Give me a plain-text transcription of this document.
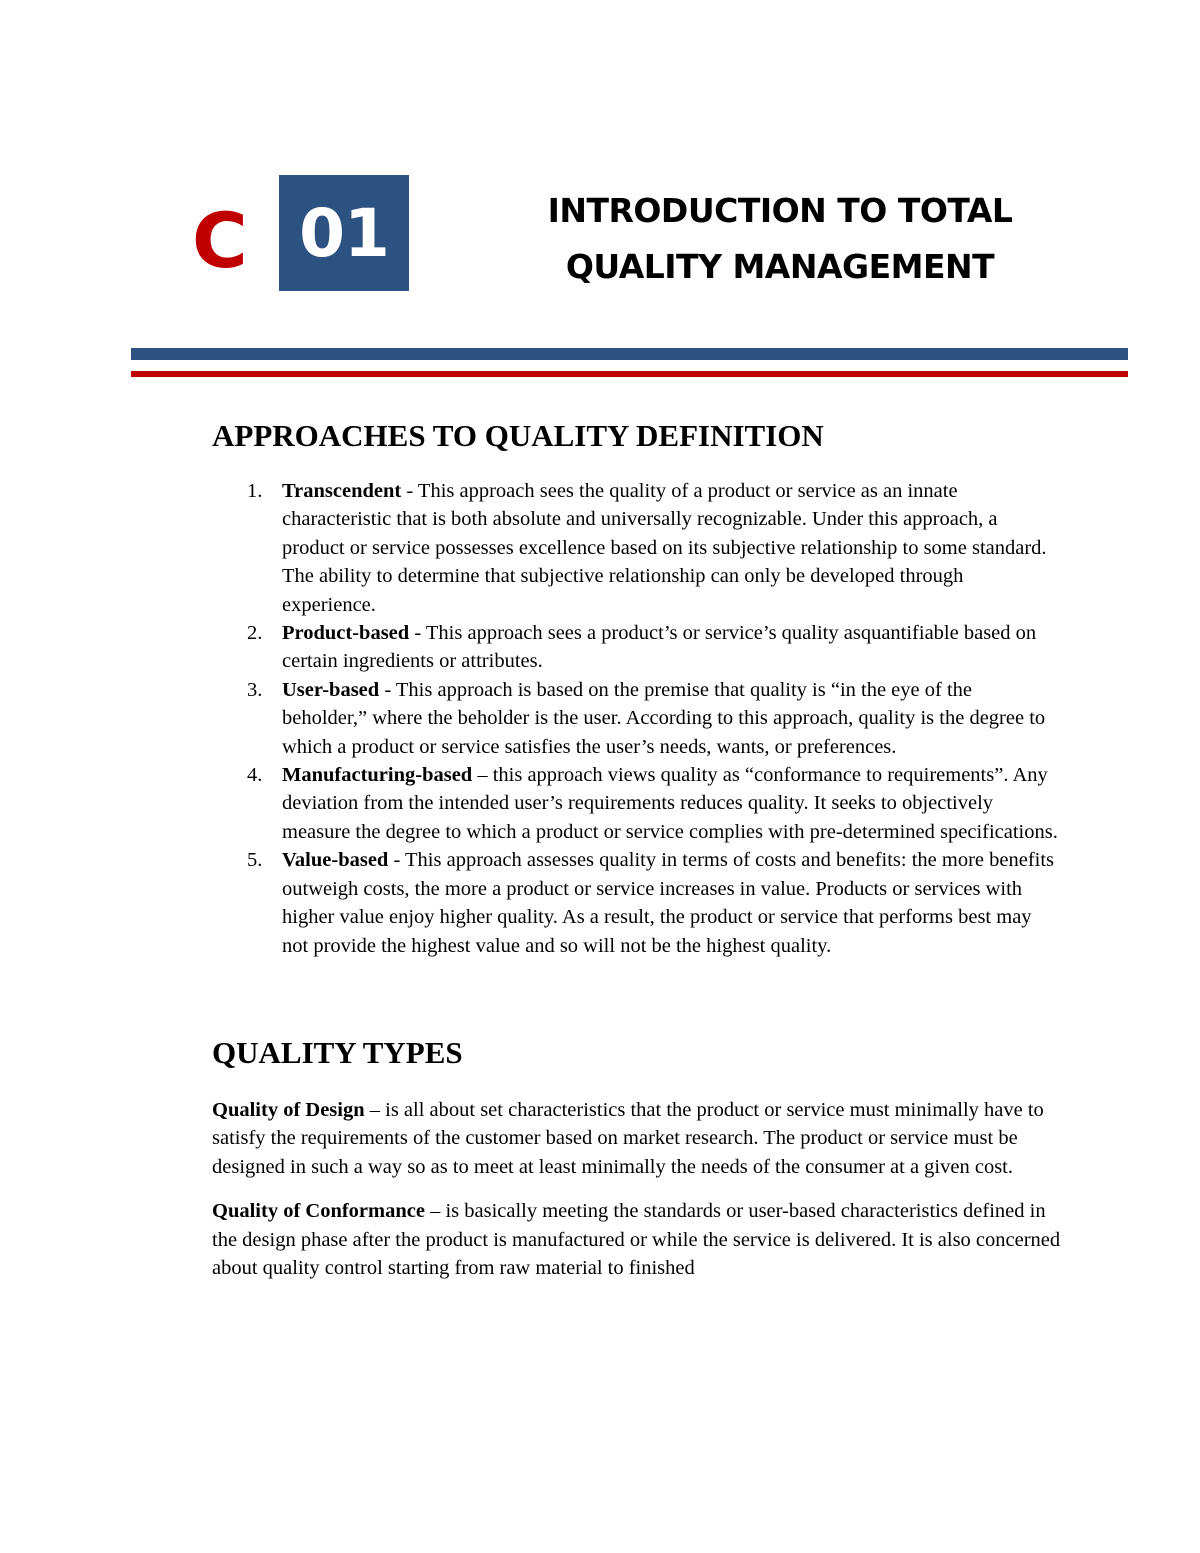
C 01	INTRODUCTION TO TOTAL
QUALITY MANAGEMENT
APPROACHES TO QUALITY DEFINITION
1. Transcendent - This approach sees the quality of a product or service as an innate characteristic that is both absolute and universally recognizable. Under this approach, a product or service possesses excellence based on its subjective relationship to some standard. The ability to determine that subjective relationship can only be developed through experience.
2. Product-based - This approach sees a product’s or service’s quality asquantifiable based on certain ingredients or attributes.
3. User-based - This approach is based on the premise that quality is “in the eye of the beholder,” where the beholder is the user. According to this approach, quality is the degree to which a product or service satisfies the user’s needs, wants, or preferences.
4. Manufacturing-based – this approach views quality as “conformance to requirements”. Any deviation from the intended user’s requirements reduces quality. It seeks to objectively measure the degree to which a product or service complies with pre-determined specifications.
5. Value-based - This approach assesses quality in terms of costs and benefits: the more benefits outweigh costs, the more a product or service increases in value. Products or services with higher value enjoy higher quality. As a result, the product or service that performs best may not provide the highest value and so will not be the highest quality.
QUALITY TYPES

Quality of Design – is all about set characteristics that the product or service must minimally have to satisfy the requirements of the customer based on market research. The product or service must be designed in such a way so as to meet at least minimally the needs of the consumer at a given cost.

Quality of Conformance – is basically meeting the standards or user-based characteristics defined in the design phase after the product is manufactured or while the service is delivered. It is also concerned about quality control starting from raw material to finished
